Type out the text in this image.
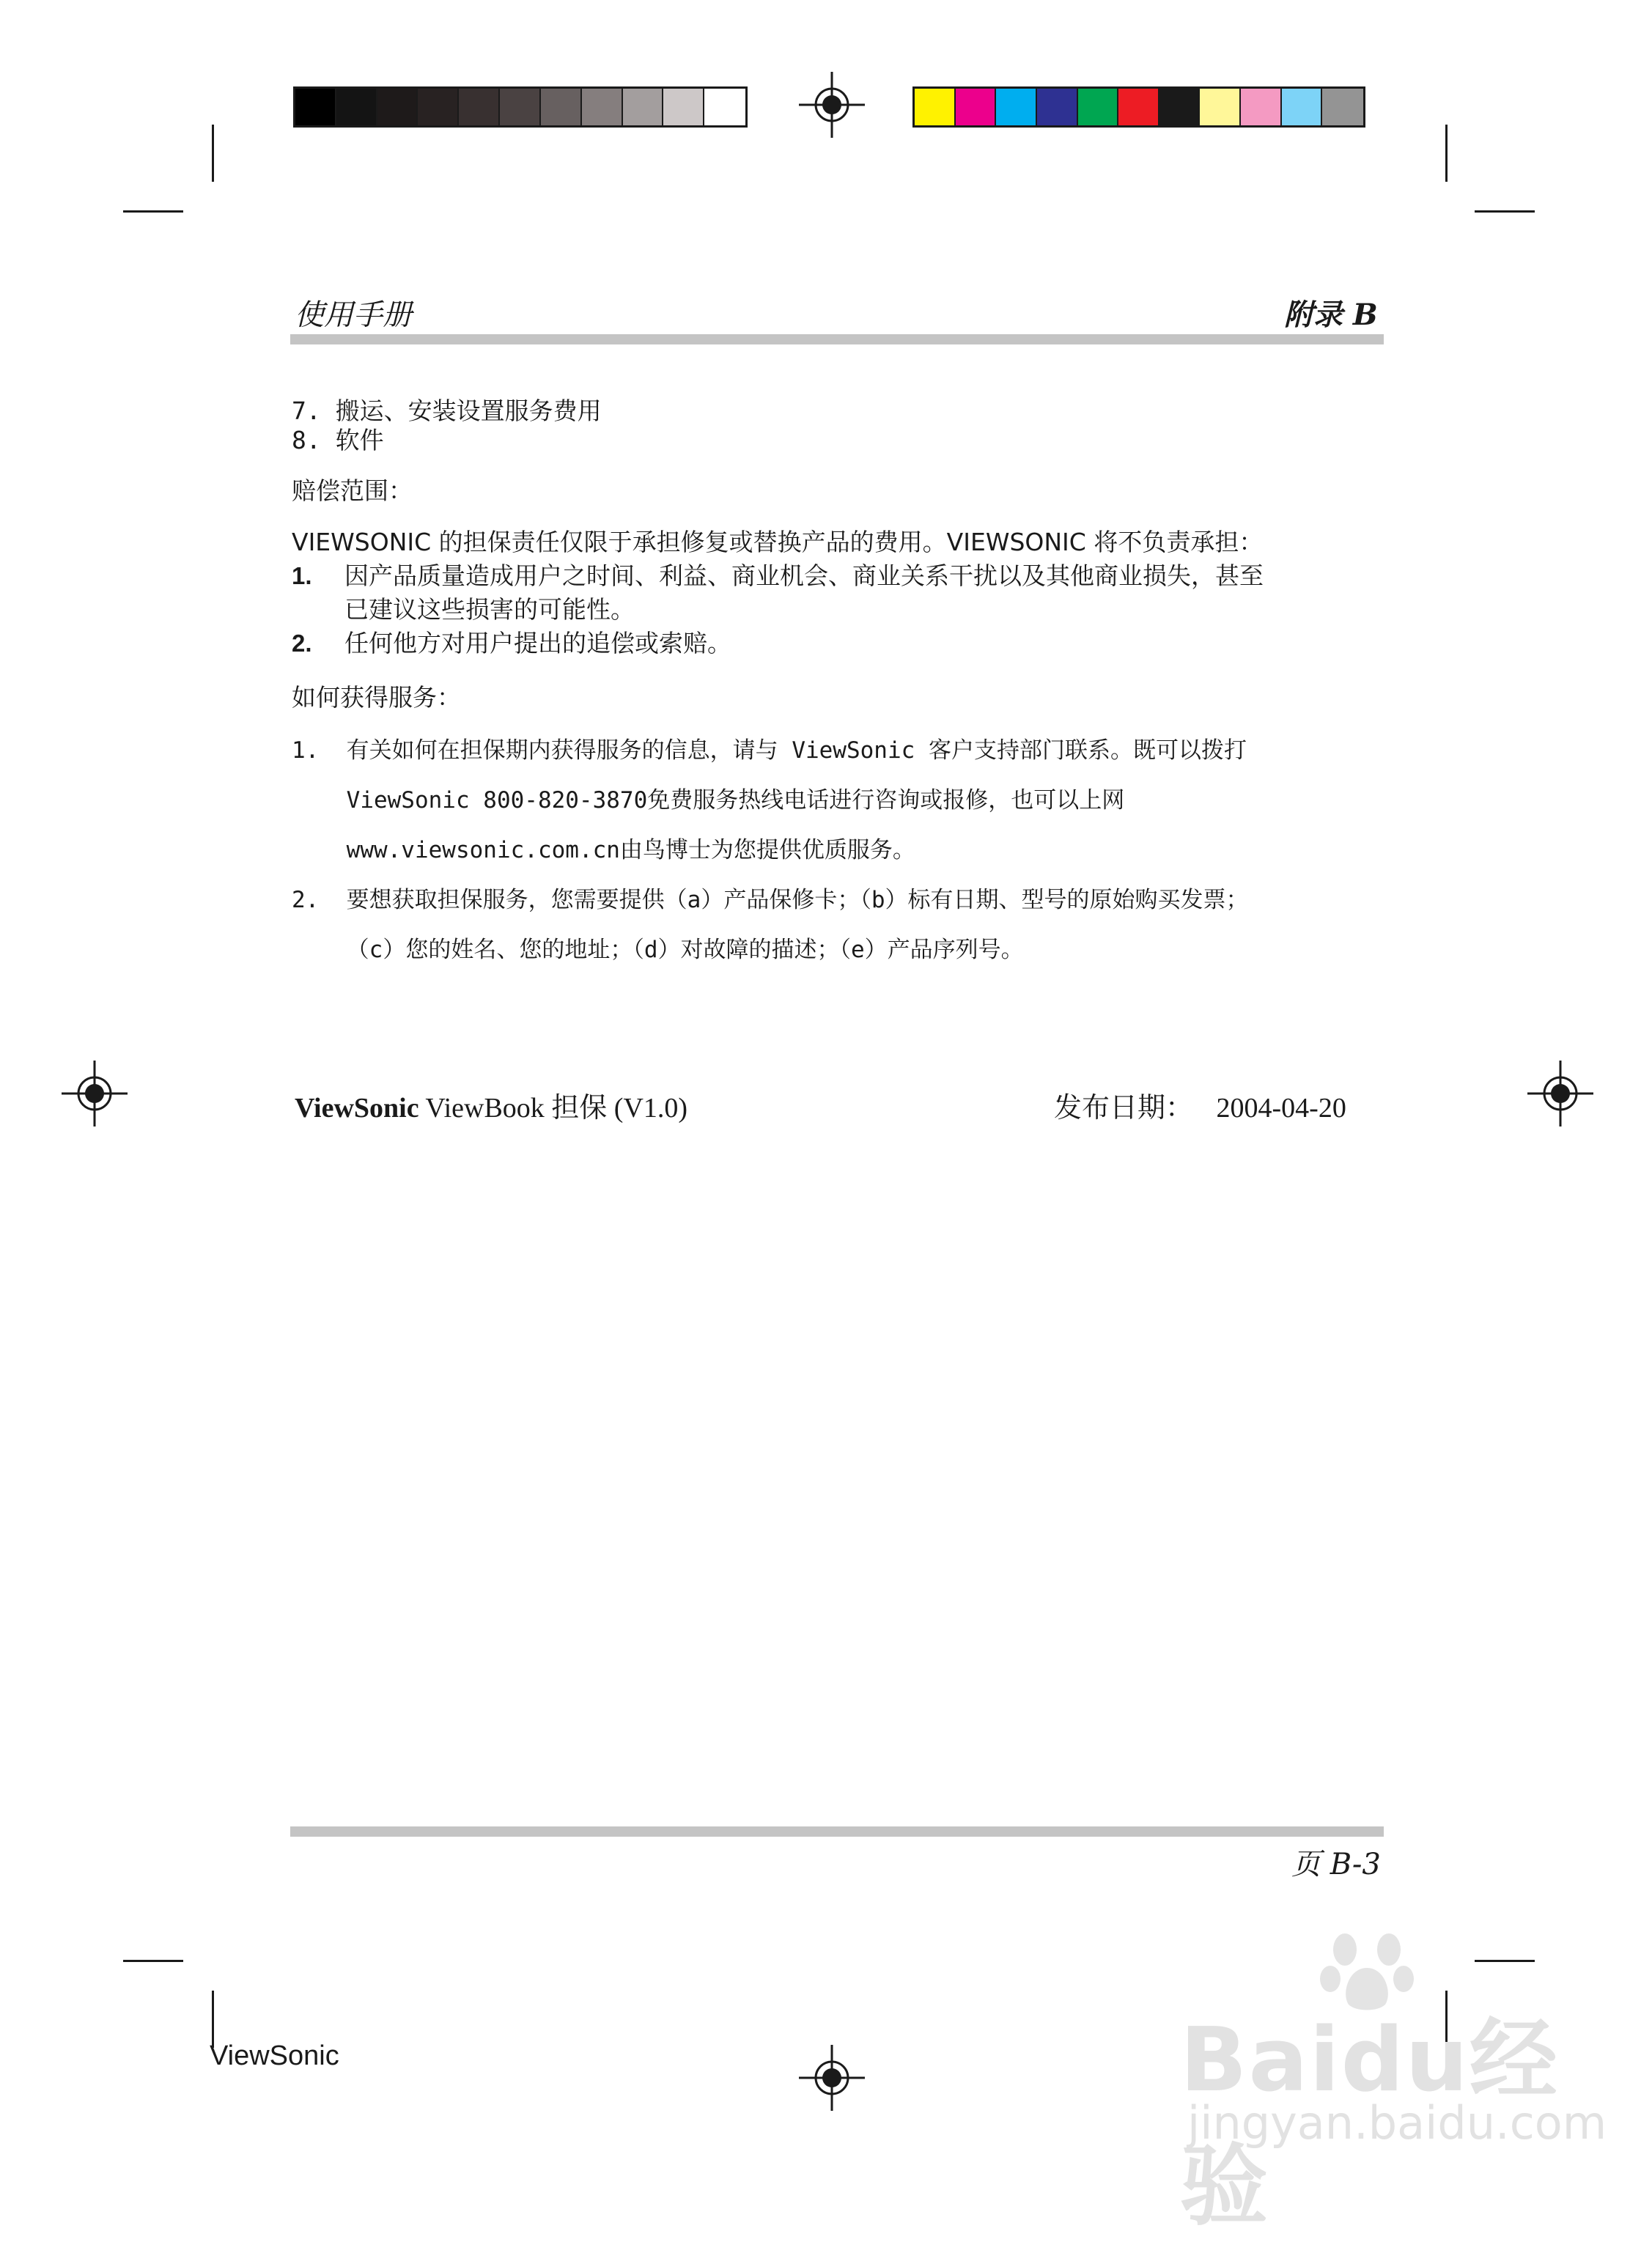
使用手册	附录 B
7. 搬运、安装设置服务费用
8. 软件
赔偿范围：
VIEWSONIC 的担保责任仅限于承担修复或替换产品的费用。VIEWSONIC 将不负责承担：
1. 因产品质量造成用户之时间、利益、商业机会、商业关系干扰以及其他商业损失，甚至
已建议这些损害的可能性。
2. 任何他方对用户提出的追偿或索赔。
如何获得服务：
1.  有关如何在担保期内获得服务的信息，请与 ViewSonic 客户支持部门联系。既可以拨打
ViewSonic 800-820-3870免费服务热线电话进行咨询或报修，也可以上网
www.viewsonic.com.cn由鸟博士为您提供优质服务。
2.  要想获取担保服务，您需要提供（a）产品保修卡；（b）标有日期、型号的原始购买发票；
（c）您的姓名、您的地址；（d）对故障的描述；（e）产品序列号。
ViewSonic ViewBook 担保 (V1.0)	发布日期： 2004-04-20
页 B-3
ViewSonic	Baidu经验
jingyan.baidu.com
